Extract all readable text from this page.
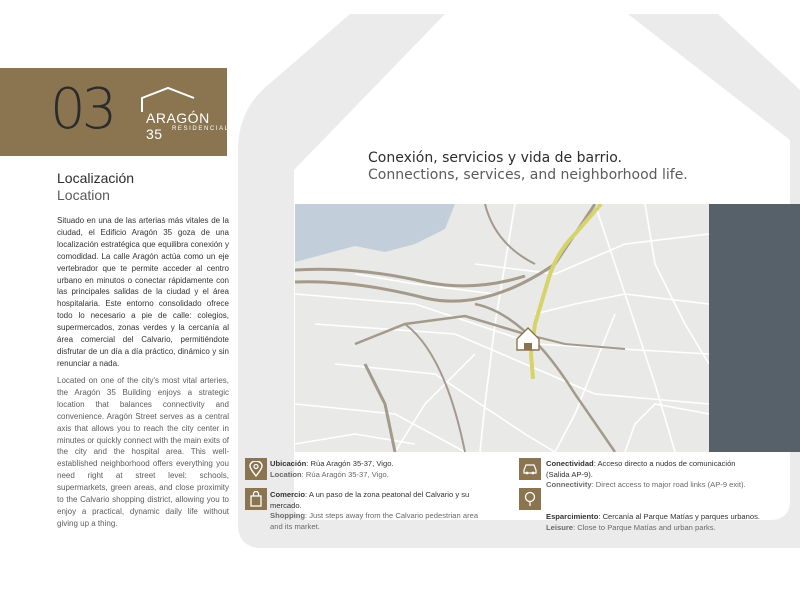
03 ARAGÓN 35	RESIDENCIAL
Localización
Location

Situado en una de las arterias más vitales de la ciudad, el Edificio Aragón 35 goza de una localización estratégica que equilibra conexión y comodidad. La calle Aragón actúa como un eje vertebrador que te permite acceder al centro urbano en minutos o conectar rápidamente con las principales salidas de la ciudad y el área hospitalaria. Este entorno consolidado ofrece todo lo necesario a pie de calle: colegios, supermercados, zonas verdes y la cercanía al área comercial del Calvario, permitiéndote disfrutar de un día a día práctico, dinámico y sin renunciar a nada.

Located on one of the city's most vital arteries, the Aragón 35 Building enjoys a strategic location that balances connectivity and convenience. Aragón Street serves as a central axis that allows you to reach the city center in minutes or quickly connect with the main exits of the city and the hospital area. This well-established neighborhood offers everything you need right at street level: schools, supermarkets, green areas, and close proximity to the Calvario shopping district, allowing you to enjoy a practical, dynamic daily life without giving up a thing.

Conexión, servicios y vida de barrio.
Connections, services, and neighborhood life.
Ubicación: Rúa Aragón 35-37, Vigo.
Location: Rúa Aragón 35-37, Vigo.
Comercio: A un paso de la zona peatonal del Calvario y su mercado.
Shopping: Just steps away from the Calvario pedestrian area and its market.
Conectividad: Acceso directo a nudos de comunicación (Salida AP-9).
Connectivity: Direct access to major road links (AP-9 exit).
Esparcimiento: Cercanía al Parque Matías y parques urbanos.
Leisure: Close to Parque Matías and urban parks.
